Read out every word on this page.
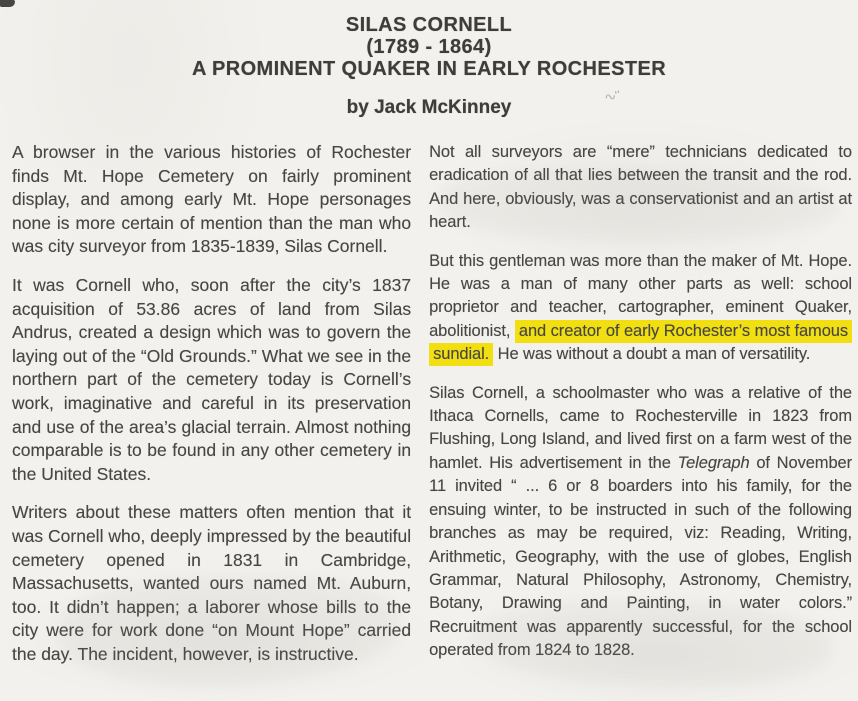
SILAS CORNELL
(1789 - 1864)
A PROMINENT QUAKER IN EARLY ROCHESTER
by Jack McKinney
∿ʺ

A browser in the various histories of Rochester finds Mt. Hope Cemetery on fairly prominent display, and among early Mt. Hope personages none is more certain of mention than the man who was city surveyor from 1835-1839, Silas Cornell.

It was Cornell who, soon after the city’s 1837 acquisition of 53.86 acres of land from Silas Andrus, created a design which was to govern the laying out of the “Old Grounds.” What we see in the northern part of the cemetery today is Cornell’s work, imaginative and careful in its preservation and use of the area’s glacial terrain. Almost nothing comparable is to be found in any other cemetery in the United States.

Writers about these matters often mention that it was Cornell who, deeply impressed by the beautiful cemetery opened in 1831 in Cambridge, Massachusetts, wanted ours named Mt. Auburn, too. It didn’t happen; a laborer whose bills to the city were for work done “on Mount Hope” carried the day. The incident, however, is instructive.

Not all surveyors are “mere” technicians dedicated to eradication of all that lies between the transit and the rod. And here, obviously, was a conservationist and an artist at heart.

But this gentleman was more than the maker of Mt. Hope. He was a man of many other parts as well: school proprietor and teacher, cartographer, eminent Quaker, abolitionist, and creator of early Rochester’s most famous sundial. He was without a doubt a man of versatility.

Silas Cornell, a schoolmaster who was a relative of the Ithaca Cornells, came to Rochesterville in 1823 from Flushing, Long Island, and lived first on a farm west of the hamlet. His advertisement in the Telegraph of November 11 invited “ ... 6 or 8 boarders into his family, for the ensuing winter, to be instructed in such of the following branches as may be required, viz: Reading, Writing, Arithmetic, Geography, with the use of globes, English Grammar, Natural Philosophy, Astronomy, Chemistry, Botany, Drawing and Painting, in water colors.” Recruitment was apparently successful, for the school operated from 1824 to 1828.
